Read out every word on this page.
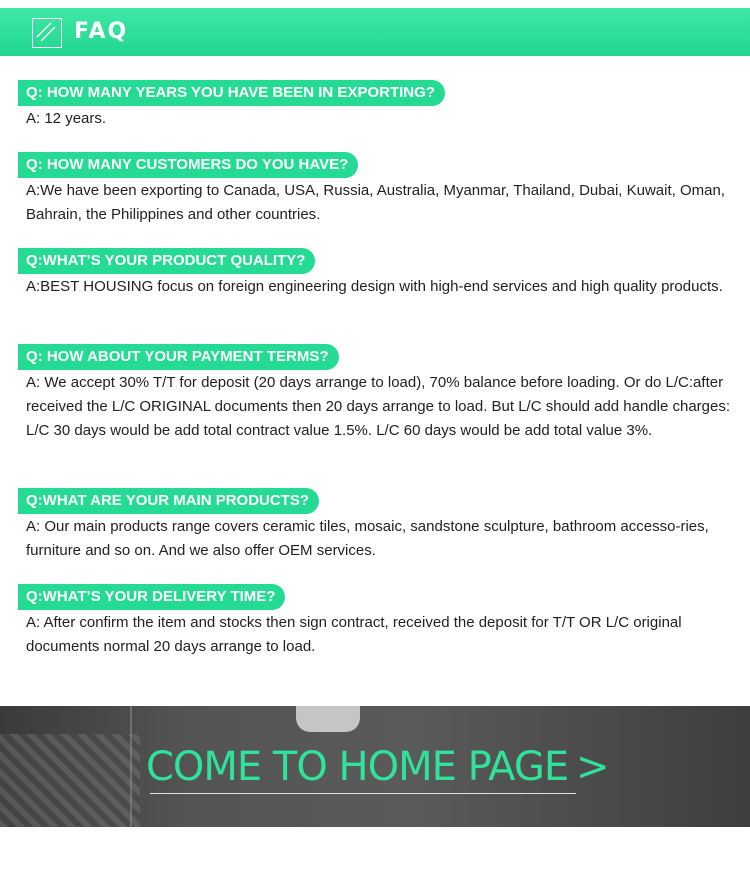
FAQ
Q: HOW MANY YEARS YOU HAVE BEEN IN EXPORTING?
A: 12 years.
Q: HOW MANY CUSTOMERS DO YOU HAVE?
A:We have been exporting to Canada, USA, Russia, Australia, Myanmar, Thailand, Dubai, Kuwait, Oman, Bahrain, the Philippines and other countries.
Q:WHAT’S YOUR PRODUCT QUALITY?
A:BEST HOUSING focus on foreign engineering design with high-end services and high quality products.
Q: HOW ABOUT YOUR PAYMENT TERMS?
A: We accept 30% T/T for deposit (20 days arrange to load), 70% balance before loading. Or do L/C:after received the L/C ORIGINAL documents then 20 days arrange to load. But L/C should add handle charges: L/C 30 days would be add total contract value 1.5%. L/C 60 days would be add total value 3%.
Q:WHAT ARE YOUR MAIN PRODUCTS?
A: Our main products range covers ceramic tiles, mosaic, sandstone sculpture, bathroom accesso-ries, furniture and so on. And we also offer OEM services.
Q:WHAT’S YOUR DELIVERY TIME?
A: After confirm the item and stocks then sign contract, received the deposit for T/T OR L/C original documents normal 20 days arrange to load.
COME TO HOME PAGE >
